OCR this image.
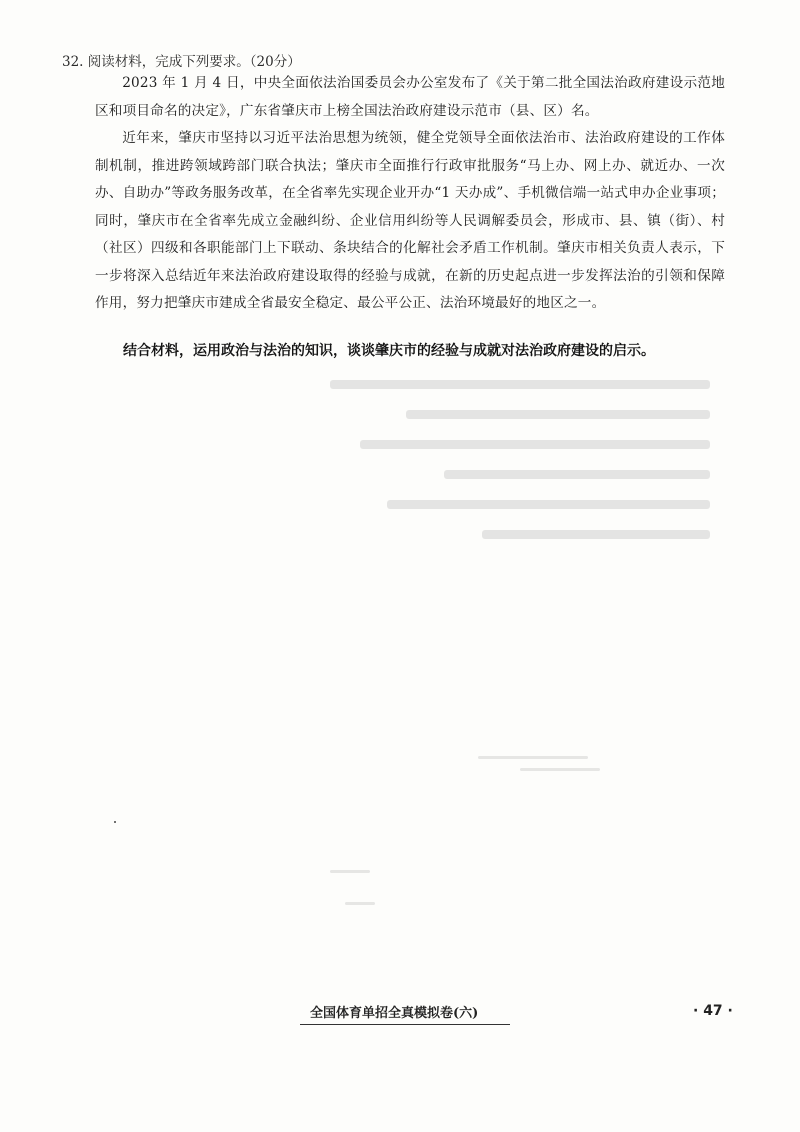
32. 阅读材料，完成下列要求。（20分）

2023 年 1 月 4 日，中央全面依法治国委员会办公室发布了《关于第二批全国法治政府建设示范地区和项目命名的决定》，广东省肇庆市上榜全国法治政府建设示范市（县、区）名。

近年来，肇庆市坚持以习近平法治思想为统领，健全党领导全面依法治市、法治政府建设的工作体制机制，推进跨领域跨部门联合执法；肇庆市全面推行行政审批服务“马上办、网上办、就近办、一次办、自助办”等政务服务改革，在全省率先实现企业开办“1 天办成”、手机微信端一站式申办企业事项；同时，肇庆市在全省率先成立金融纠纷、企业信用纠纷等人民调解委员会，形成市、县、镇（街）、村（社区）四级和各职能部门上下联动、条块结合的化解社会矛盾工作机制。肇庆市相关负责人表示，下一步将深入总结近年来法治政府建设取得的经验与成就，在新的历史起点进一步发挥法治的引领和保障作用，努力把肇庆市建成全省最安全稳定、最公平公正、法治环境最好的地区之一。

结合材料，运用政治与法治的知识，谈谈肇庆市的经验与成就对法治政府建设的启示。
全国体育单招全真模拟卷(六)	· 47 ·
